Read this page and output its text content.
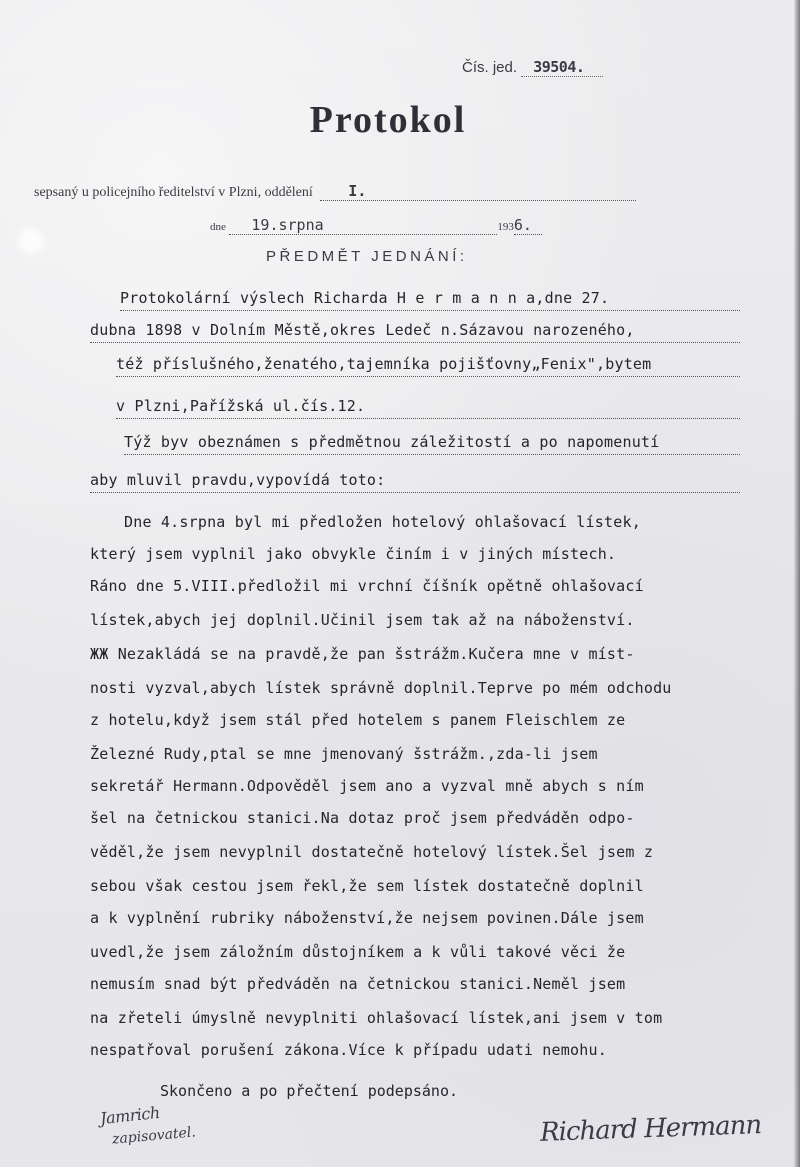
Čís. jed. 39504.
Protokol
sepsaný u policejního ředitelství v Plzni, oddělení I.
dne 19.srpna	1936.
PŘEDMĚT JEDNÁNÍ:
Protokolární výslech Richarda H e r m a n n a,dne 27.
dubna 1898 v Dolním Městě,okres Ledeč n.Sázavou narozeného,
též příslušného,ženatého,tajemníka pojišťovny„Fenix",bytem
v Plzni,Pařížská ul.čís.12.
Týž byv obeznámen s předmětnou záležitostí a po napomenutí
aby mluvil pravdu,vypovídá toto:
Dne 4.srpna byl mi předložen hotelový ohlašovací lístek,
který jsem vyplnil jako obvykle činím i v jiných místech.
Ráno dne 5.VIII.předložil mi vrchní číšník opětně ohlašovací
lístek,abych jej doplnil.Učinil jsem tak až na náboženství.
ЖЖ Nezakládá se na pravdě,že pan šstrážm.Kučera mne v míst-
nosti vyzval,abych lístek správně doplnil.Teprve po mém odchodu
z hotelu,když jsem stál před hotelem s panem Fleischlem ze
Železné Rudy,ptal se mne jmenovaný šstrážm.,zda-li jsem
sekretář Hermann.Odpověděl jsem ano a vyzval mně abych s ním
šel na četnickou stanici.Na dotaz proč jsem předváděn odpo-
věděl,že jsem nevyplnil dostatečně hotelový lístek.Šel jsem z
sebou však cestou jsem řekl,že sem lístek dostatečně doplnil
a k vyplnění rubriky náboženství,že nejsem povinen.Dále jsem
uvedl,že jsem záložním důstojníkem a k vůli takové věci že
nemusím snad být předváděn na četnickou stanici.Neměl jsem
na zřeteli úmyslně nevyplniti ohlašovací lístek,ani jsem v tom
nespatřoval porušení zákona.Více k případu udati nemohu.
Skončeno a po přečtení podepsáno.
Jamrich
zapisovatel.	Richard Hermann
